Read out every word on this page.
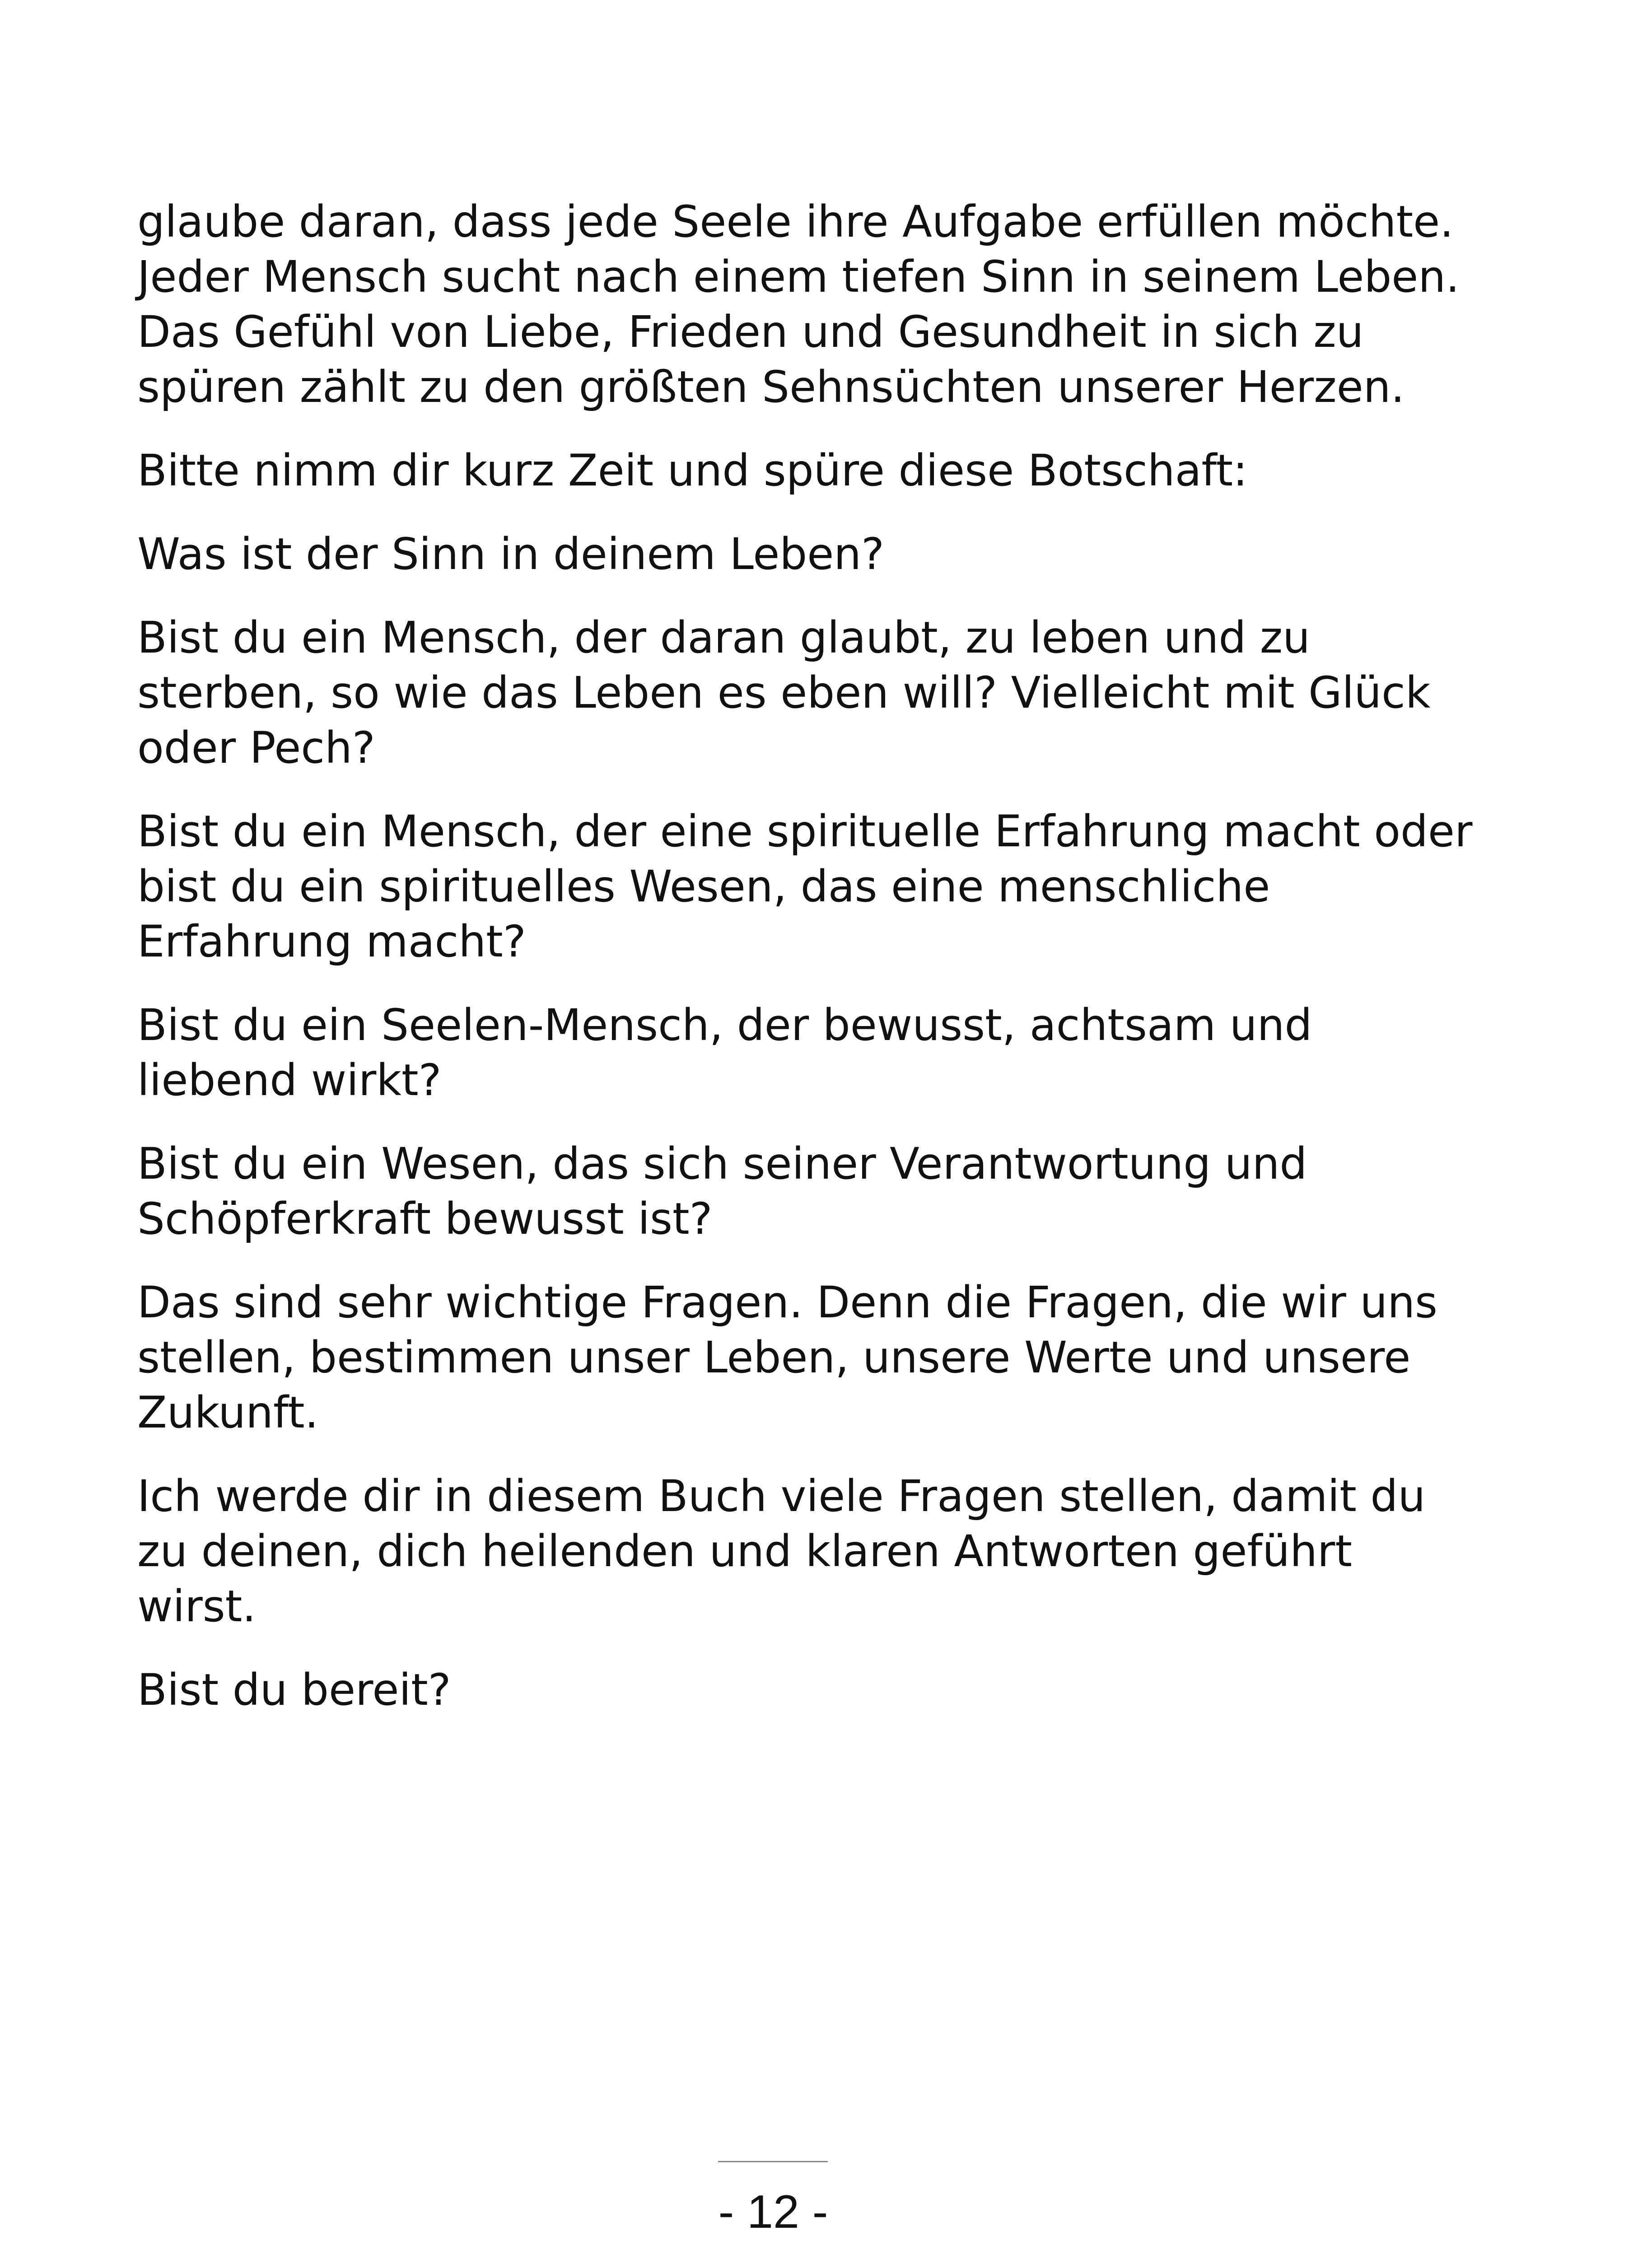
glaube daran, dass jede Seele ihre Aufgabe erfüllen möchte.
Jeder Mensch sucht nach einem tiefen Sinn in seinem Leben.
Das Gefühl von Liebe, Frieden und Gesundheit in sich zu
spüren zählt zu den größten Sehnsüchten unserer Herzen.

Bitte nimm dir kurz Zeit und spüre diese Botschaft:

Was ist der Sinn in deinem Leben?

Bist du ein Mensch, der daran glaubt, zu leben und zu
sterben, so wie das Leben es eben will? Vielleicht mit Glück
oder Pech?

Bist du ein Mensch, der eine spirituelle Erfahrung macht oder
bist du ein spirituelles Wesen, das eine menschliche
Erfahrung macht?

Bist du ein Seelen-Mensch, der bewusst, achtsam und
liebend wirkt?

Bist du ein Wesen, das sich seiner Verantwortung und
Schöpferkraft bewusst ist?

Das sind sehr wichtige Fragen. Denn die Fragen, die wir uns
stellen, bestimmen unser Leben, unsere Werte und unsere
Zukunft.

Ich werde dir in diesem Buch viele Fragen stellen, damit du
zu deinen, dich heilenden und klaren Antworten geführt
wirst.

Bist du bereit?

- 12 -
